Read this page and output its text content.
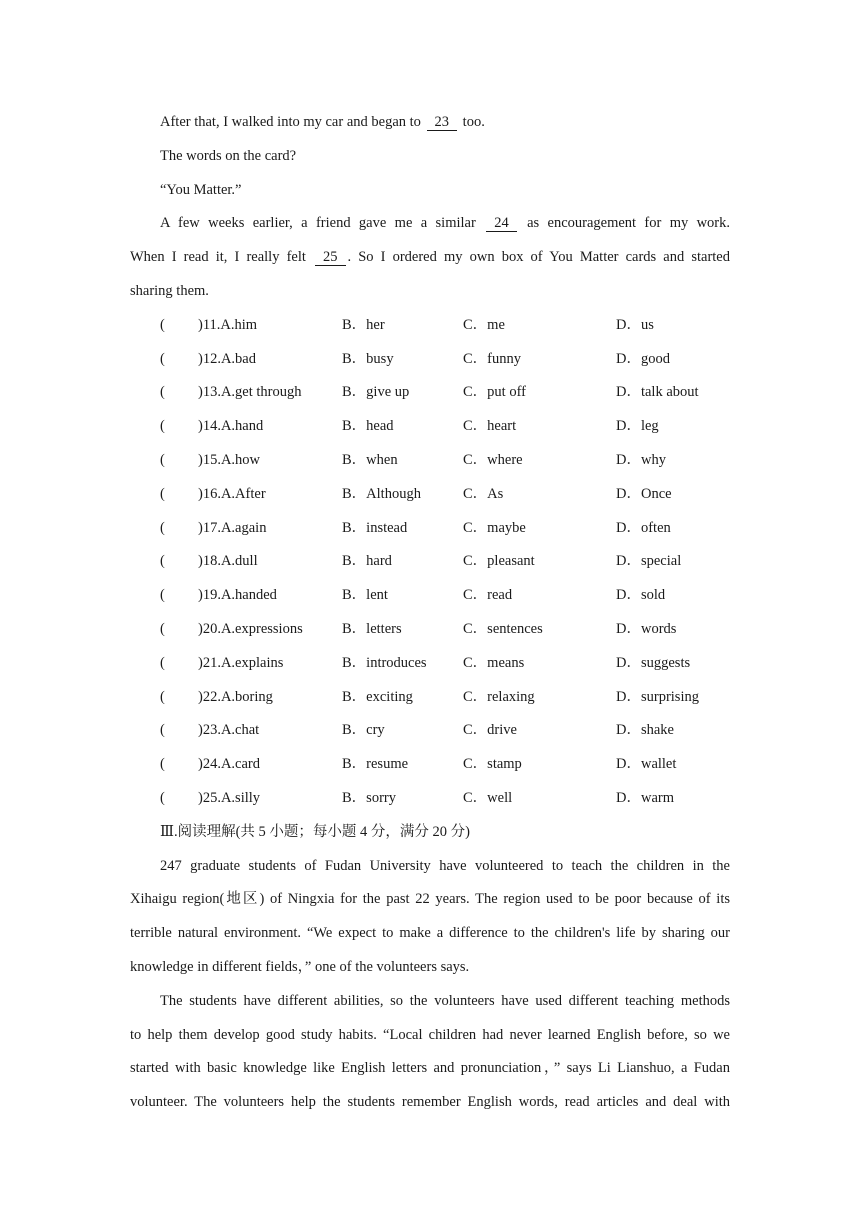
After that, I walked into my car and began to 23 too.
The words on the card?
“You Matter.”
A few weeks earlier, a friend gave me a similar 24 as encouragement for my work.
When I read it, I really felt 25 . So I ordered my own box of You Matter cards and started
sharing them.
( )11.A.him	B．her	C．me	D．us
( )12.A.bad	B．busy	C．funny	D．good
( )13.A.get through	B．give up	C．put off	D．talk about
( )14.A.hand	B．head	C．heart	D．leg
( )15.A.how	B．when	C．where	D．why
( )16.A.After	B．Although	C．As	D．Once
( )17.A.again	B．instead	C．maybe	D．often
( )18.A.dull	B．hard	C．pleasant	D．special
( )19.A.handed	B．lent	C．read	D．sold
( )20.A.expressions	B．letters	C．sentences	D．words
( )21.A.explains	B．introduces	C．means	D．suggests
( )22.A.boring	B．exciting	C．relaxing	D．surprising
( )23.A.chat	B．cry	C．drive	D．shake
( )24.A.card	B．resume	C．stamp	D．wallet
( )25.A.silly	B．sorry	C．well	D．warm
Ⅲ.阅读理解(共 5 小题；每小题 4 分，满分 20 分)
247 graduate students of Fudan University have volunteered to teach the children in the
Xihaigu region(地区) of Ningxia for the past 22 years. The region used to be poor because of its
terrible natural environment. “We expect to make a difference to the children's life by sharing our
knowledge in different fields，” one of the volunteers says.
The students have different abilities, so the volunteers have used different teaching methods
to help them develop good study habits. “Local children had never learned English before, so we
started with basic knowledge like English letters and pronunciation，” says Li Lianshuo, a Fudan
volunteer. The volunteers help the students remember English words, read articles and deal with
